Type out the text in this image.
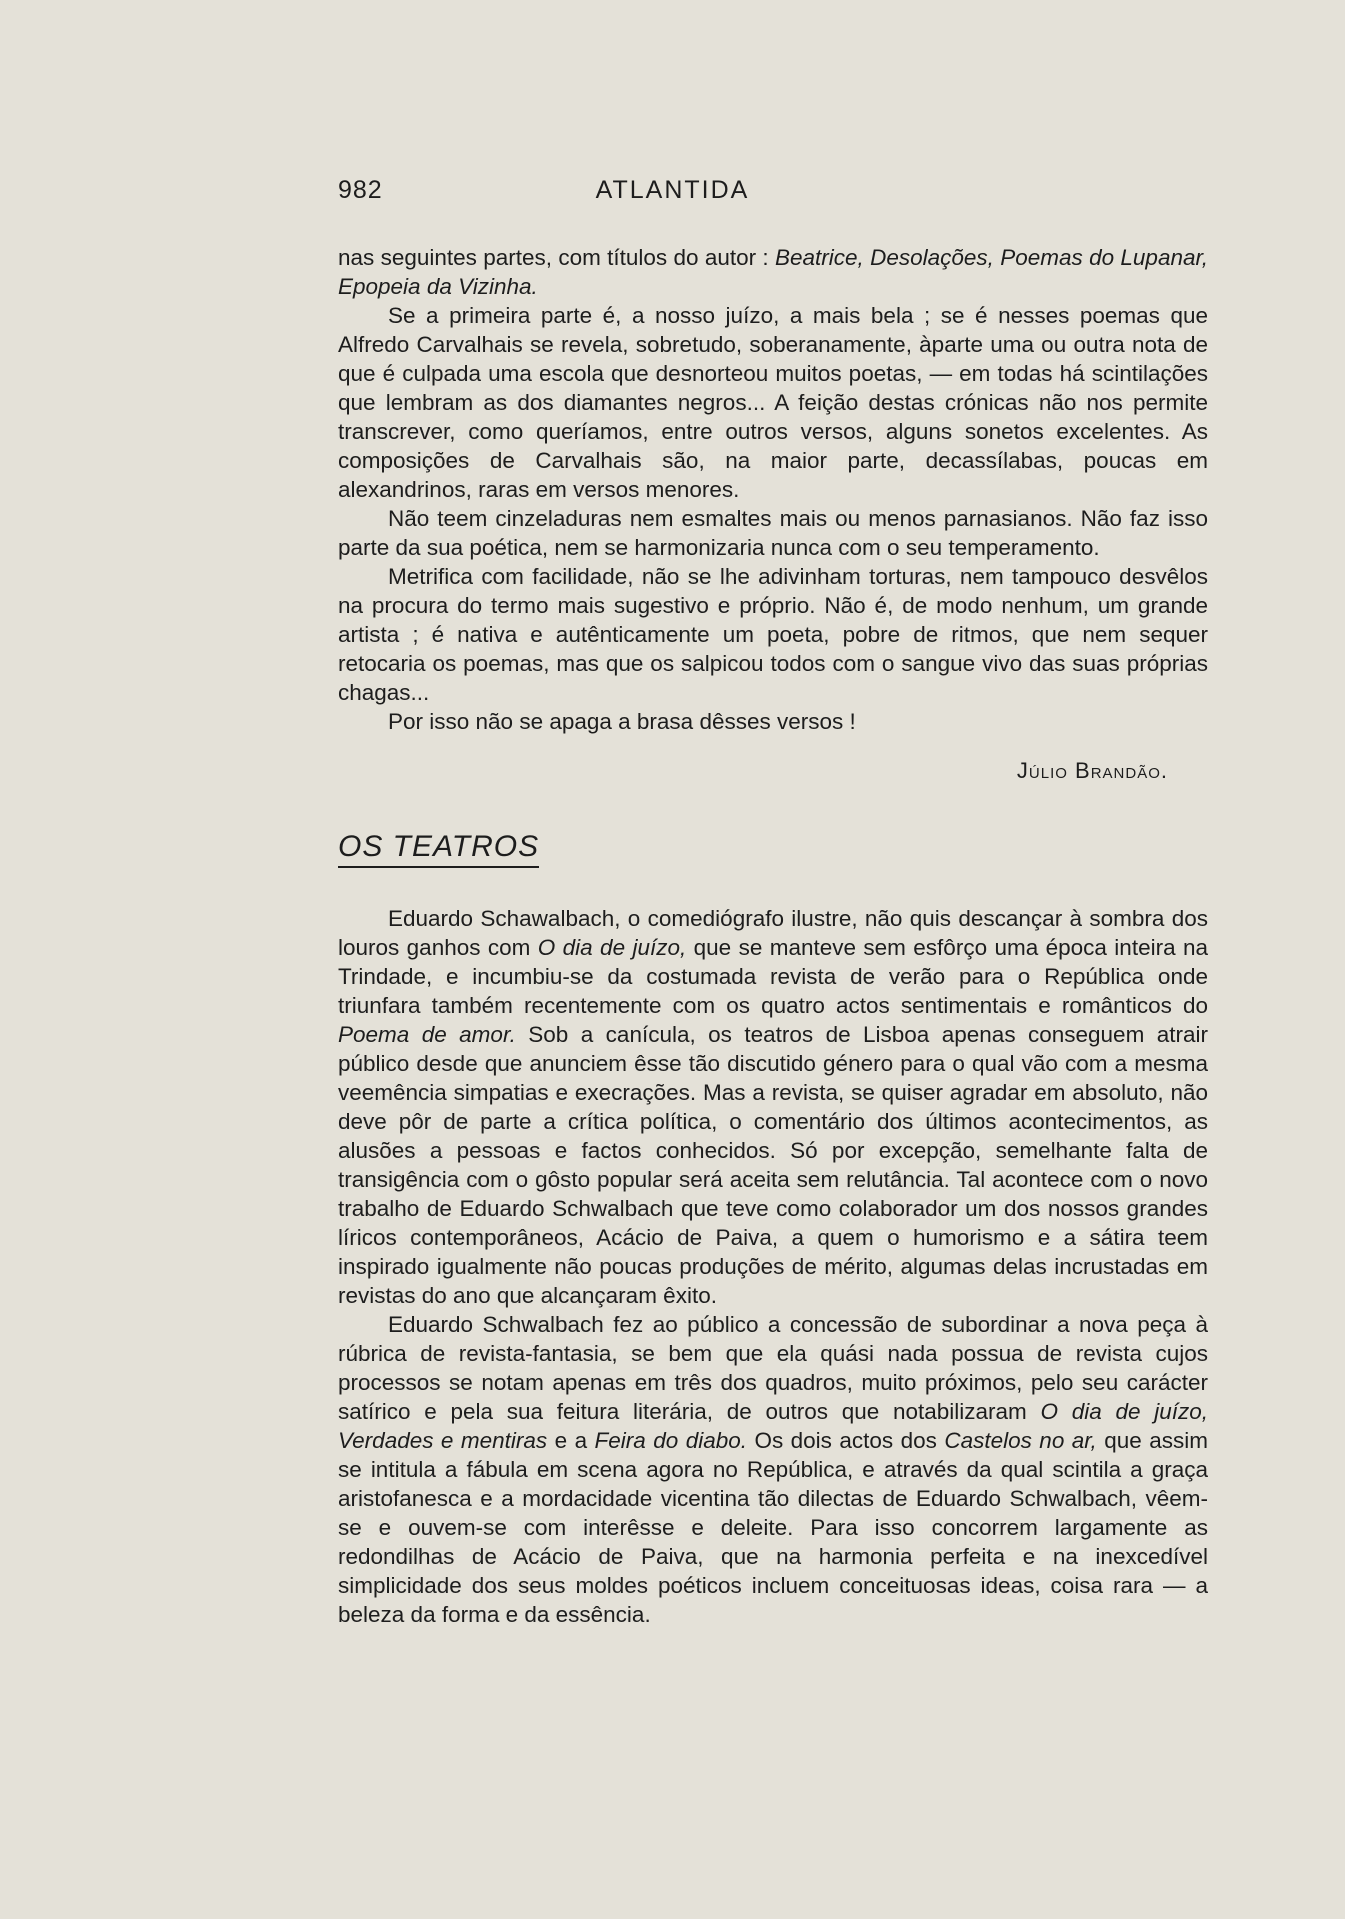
982	ATLANTIDA

nas seguintes partes, com títulos do autor : Beatrice, Desolações, Poemas do Lupanar, Epopeia da Vizinha.

Se a primeira parte é, a nosso juízo, a mais bela ; se é nesses poemas que Alfredo Carvalhais se revela, sobretudo, soberanamente, àparte uma ou outra nota de que é culpada uma escola que desnorteou muitos poetas, — em todas há scintilações que lembram as dos diamantes negros... A feição destas crónicas não nos permite transcrever, como queríamos, entre outros versos, alguns sonetos excelentes. As composições de Carvalhais são, na maior parte, decassílabas, poucas em alexandrinos, raras em versos menores.

Não teem cinzeladuras nem esmaltes mais ou menos parnasianos. Não faz isso parte da sua poética, nem se harmonizaria nunca com o seu temperamento.

Metrifica com facilidade, não se lhe adivinham torturas, nem tampouco desvêlos na procura do termo mais sugestivo e próprio. Não é, de modo nenhum, um grande artista ; é nativa e autênticamente um poeta, pobre de ritmos, que nem sequer retocaria os poemas, mas que os salpicou todos com o sangue vivo das suas próprias chagas...

Por isso não se apaga a brasa dêsses versos !

Júlio Brandão.
OS TEATROS

Eduardo Schawalbach, o comediógrafo ilustre, não quis descançar à sombra dos louros ganhos com O dia de juízo, que se manteve sem esfôrço uma época inteira na Trindade, e incumbiu-se da costumada revista de verão para o República onde triunfara também recentemente com os quatro actos sentimentais e românticos do Poema de amor. Sob a canícula, os teatros de Lisboa apenas conseguem atrair público desde que anunciem êsse tão discutido género para o qual vão com a mesma veemência simpatias e execrações. Mas a revista, se quiser agradar em absoluto, não deve pôr de parte a crítica política, o comentário dos últimos acontecimentos, as alusões a pessoas e factos conhecidos. Só por excepção, semelhante falta de transigência com o gôsto popular será aceita sem relutância. Tal acontece com o novo trabalho de Eduardo Schwalbach que teve como colaborador um dos nossos grandes líricos contemporâneos, Acácio de Paiva, a quem o humorismo e a sátira teem inspirado igualmente não poucas produções de mérito, algumas delas incrustadas em revistas do ano que alcançaram êxito.

Eduardo Schwalbach fez ao público a concessão de subordinar a nova peça à rúbrica de revista-fantasia, se bem que ela quási nada possua de revista cujos processos se notam apenas em três dos quadros, muito próximos, pelo seu carácter satírico e pela sua feitura literária, de outros que notabilizaram O dia de juízo, Verdades e mentiras e a Feira do diabo. Os dois actos dos Castelos no ar, que assim se intitula a fábula em scena agora no República, e através da qual scintila a graça aristofanesca e a mordacidade vicentina tão dilectas de Eduardo Schwalbach, vêem-se e ouvem-se com interêsse e deleite. Para isso concorrem largamente as redondilhas de Acácio de Paiva, que na harmonia perfeita e na inexcedível simplicidade dos seus moldes poéticos incluem conceituosas ideas, coisa rara — a beleza da forma e da essência.
